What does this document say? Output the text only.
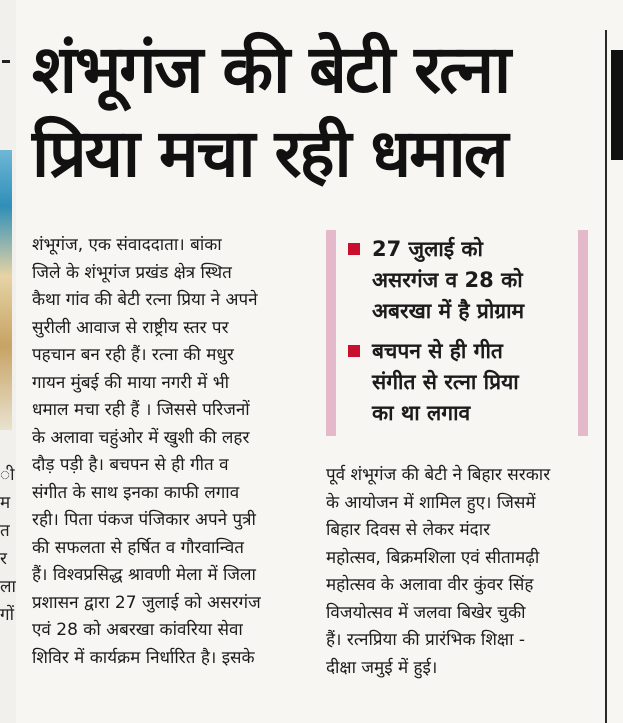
ी
म
त
र
ला
गों
शंभूगंज की बेटी रत्ना
प्रिया मचा रही धमाल
शंभूगंज, एक संवाददाता। बांका
जिले के शंभूगंज प्रखंड क्षेत्र स्थित
कैथा गांव की बेटी रत्ना प्रिया ने अपने
सुरीली आवाज से राष्ट्रीय स्तर पर
पहचान बन रही हैं। रत्ना की मधुर
गायन मुंबई की माया नगरी में भी
धमाल मचा रही हैं । जिससे परिजनों
के अलावा चहुंओर में खुशी की लहर
दौड़ पड़ी है। बचपन से ही गीत व
संगीत के साथ इनका काफी लगाव
रही। पिता पंकज पंजिकार अपने पुत्री
की सफलता से हर्षित व गौरवान्वित
हैं। विश्वप्रसिद्ध श्रावणी मेला में जिला
प्रशासन द्वारा 27 जुलाई को असरगंज
एवं 28 को अबरखा कांवरिया सेवा
शिविर में कार्यक्रम निर्धारित है। इसके
27 जुलाई को
असरगंज व 28 को
अबरखा में है प्रोग्राम
बचपन से ही गीत
संगीत से रत्ना प्रिया
का था लगाव
पूर्व शंभूगंज की बेटी ने बिहार सरकार
के आयोजन में शामिल हुए। जिसमें
बिहार दिवस से लेकर मंदार
महोत्सव, बिक्रमशिला एवं सीतामढ़ी
महोत्सव के अलावा वीर कुंवर सिंह
विजयोत्सव में जलवा बिखेर चुकी
हैं। रत्नप्रिया की प्रारंभिक शिक्षा -
दीक्षा जमुई में हुई।
